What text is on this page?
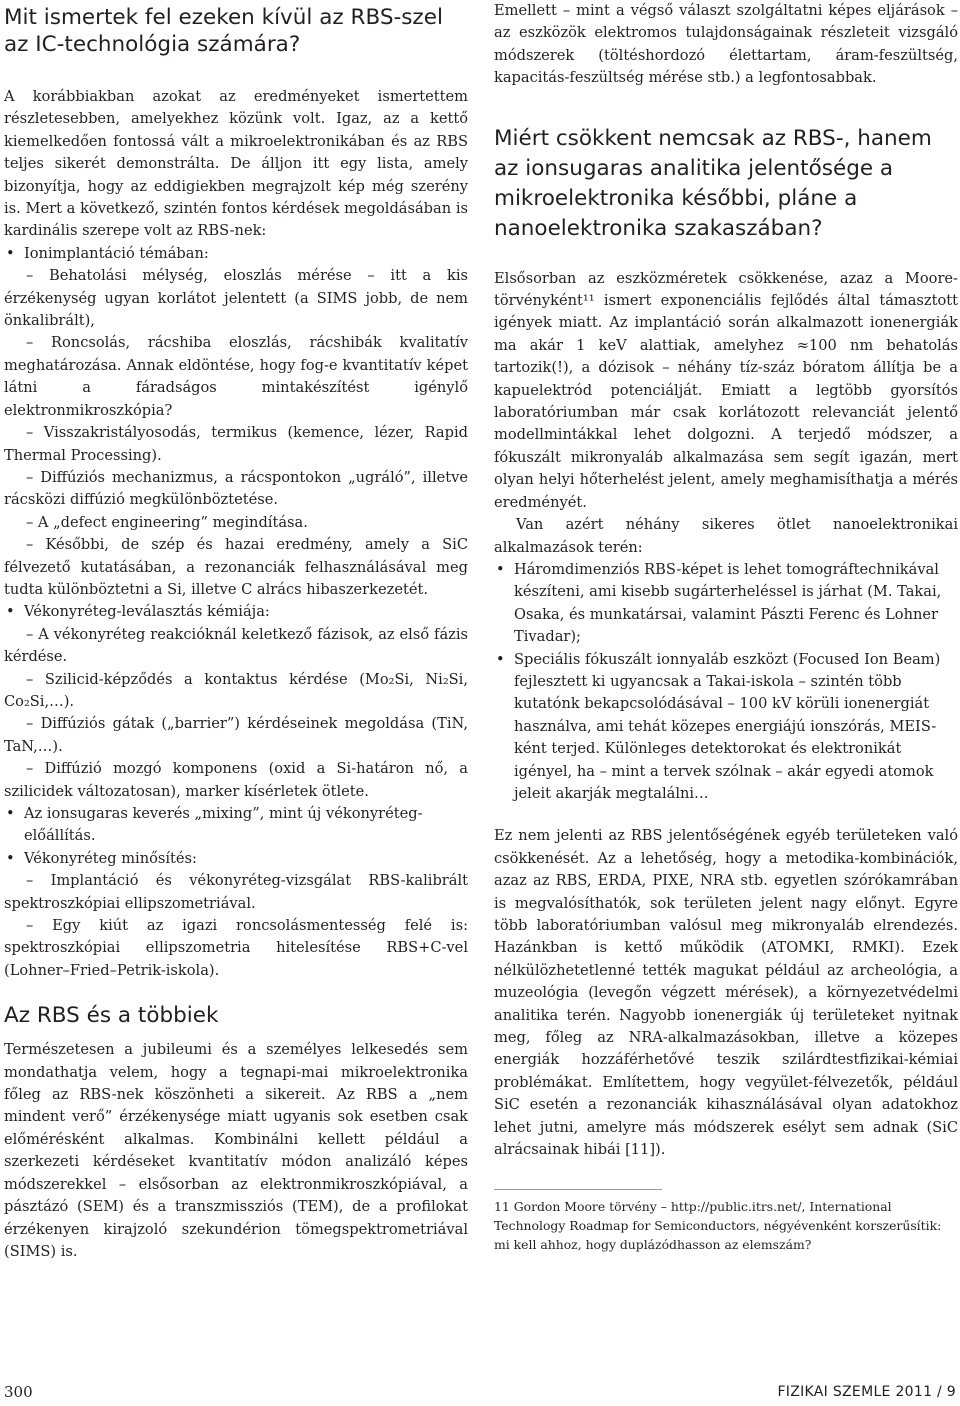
Mit ismertek fel ezeken kívül az RBS-szel az IC-technológia számára?

A korábbiakban azokat az eredményeket ismertettem részletesebben, amelyekhez közünk volt. Igaz, az a kettő kiemelkedően fontossá vált a mikroelektronikában és az RBS teljes sikerét demonstrálta. De álljon itt egy lista, amely bizonyítja, hogy az eddigiekben megrajzolt kép még szerény is. Mert a következő, szintén fontos kérdések megoldásában is kardinális szerepe volt az RBS-nek:

• Ionimplantáció témában:

– Behatolási mélység, eloszlás mérése – itt a kis érzékenység ugyan korlátot jelentett (a SIMS jobb, de nem önkalibrált),

– Roncsolás, rácshiba eloszlás, rácshibák kvalitatív meghatározása. Annak eldöntése, hogy fog-e kvantitatív képet látni a fáradságos mintakészítést igénylő elektronmikroszkópia?

– Visszakristályosodás, termikus (kemence, lézer, Rapid Thermal Processing).

– Diffúziós mechanizmus, a rácspontokon „ugráló”, illetve rácsközi diffúzió megkülönböztetése.

– A „defect engineering” megindítása.

– Későbbi, de szép és hazai eredmény, amely a SiC félvezető kutatásában, a rezonanciák felhasználásával meg tudta különböztetni a Si, illetve C alrács hibaszerkezetét.

• Vékonyréteg-leválasztás kémiája:

– A vékonyréteg reakcióknál keletkező fázisok, az első fázis kérdése.

– Szilicid-képződés a kontaktus kérdése (Mo₂Si, Ni₂Si, Co₂Si,…).

– Diffúziós gátak („barrier”) kérdéseinek megoldása (TiN, TaN,…).

– Diffúzió mozgó komponens (oxid a Si-határon nő, a szilicidek változatosan), marker kísérletek ötlete.

• Az ionsugaras keverés „mixing”, mint új vékonyréteg-előállítás.

• Vékonyréteg minősítés:

– Implantáció és vékonyréteg-vizsgálat RBS-kalibrált spektroszkópiai ellipszometriával.

– Egy kiút az igazi roncsolásmentesség felé is: spektroszkópiai ellipszometria hitelesítése RBS+C-vel (Lohner–Fried–Petrik-iskola).

Az RBS és a többiek

Természetesen a jubileumi és a személyes lelkesedés sem mondathatja velem, hogy a tegnapi-mai mikroelektronika főleg az RBS-nek köszönheti a sikereit. Az RBS a „nem mindent verő” érzékenysége miatt ugyanis sok esetben csak előmérésként alkalmas. Kombinálni kellett például a szerkezeti kérdéseket kvantitatív módon analizáló képes módszerekkel – elsősorban az elektronmikroszkópiával, a pásztázó (SEM) és a transzmissziós (TEM), de a profilokat érzékenyen kirajzoló szekundérion tömegspektrometriával (SIMS) is.

Emellett – mint a végső választ szolgáltatni képes eljárások – az eszközök elektromos tulajdonságainak részleteit vizsgáló módszerek (töltéshordozó élettartam, áram-feszültség, kapacitás-feszültség mérése stb.) a legfontosabbak.

Miért csökkent nemcsak az RBS-, hanem az ionsugaras analitika jelentősége a mikroelektronika későbbi, pláne a nanoelektronika szakaszában?

Elsősorban az eszközméretek csökkenése, azaz a Moore-törvényként¹¹ ismert exponenciális fejlődés által támasztott igények miatt. Az implantáció során alkalmazott ionenergiák ma akár 1 keV alattiak, amelyhez ≈100 nm behatolás tartozik(!), a dózisok – néhány tíz-száz bóratom állítja be a kapuelektród potenciálját. Emiatt a legtöbb gyorsítós laboratóriumban már csak korlátozott relevanciát jelentő modellmintákkal lehet dolgozni. A terjedő módszer, a fókuszált mikronyaláb alkalmazása sem segít igazán, mert olyan helyi hőterhelést jelent, amely meghamisíthatja a mérés eredményét.

Van azért néhány sikeres ötlet nanoelektronikai alkalmazások terén:

• Háromdimenziós RBS-képet is lehet tomográftechnikával készíteni, ami kisebb sugárterheléssel is járhat (M. Takai, Osaka, és munkatársai, valamint Pászti Ferenc és Lohner Tivadar);

• Speciális fókuszált ionnyaláb eszközt (Focused Ion Beam) fejlesztett ki ugyancsak a Takai-iskola – szintén több kutatónk bekapcsolódásával – 100 kV körüli ionenergiát használva, ami tehát közepes energiájú ionszórás, MEIS-ként terjed. Különleges detektorokat és elektronikát igényel, ha – mint a tervek szólnak – akár egyedi atomok jeleit akarják megtalálni…

Ez nem jelenti az RBS jelentőségének egyéb területeken való csökkenését. Az a lehetőség, hogy a metodika-kombinációk, azaz az RBS, ERDA, PIXE, NRA stb. egyetlen szórókamrában is megvalósíthatók, sok területen jelent nagy előnyt. Egyre több laboratóriumban valósul meg mikronyaláb elrendezés. Hazánkban is kettő működik (ATOMKI, RMKI). Ezek nélkülözhetetlenné tették magukat például az archeológia, a muzeológia (levegőn végzett mérések), a környezetvédelmi analitika terén. Nagyobb ionenergiák új területeket nyitnak meg, főleg az NRA-alkalmazásokban, illetve a közepes energiák hozzáférhetővé teszik szilárdtestfizikai-kémiai problémákat. Említettem, hogy vegyület-félvezetők, például SiC esetén a rezonanciák kihasználásával olyan adatokhoz lehet jutni, amelyre más módszerek esélyt sem adnak (SiC alrácsainak hibái [11]).

11 Gordon Moore törvény – http://public.itrs.net/, International Technology Roadmap for Semiconductors, négyévenként korszerűsítik: mi kell ahhoz, hogy duplázódhasson az elemszám?

300	FIZIKAI SZEMLE 2011 / 9
